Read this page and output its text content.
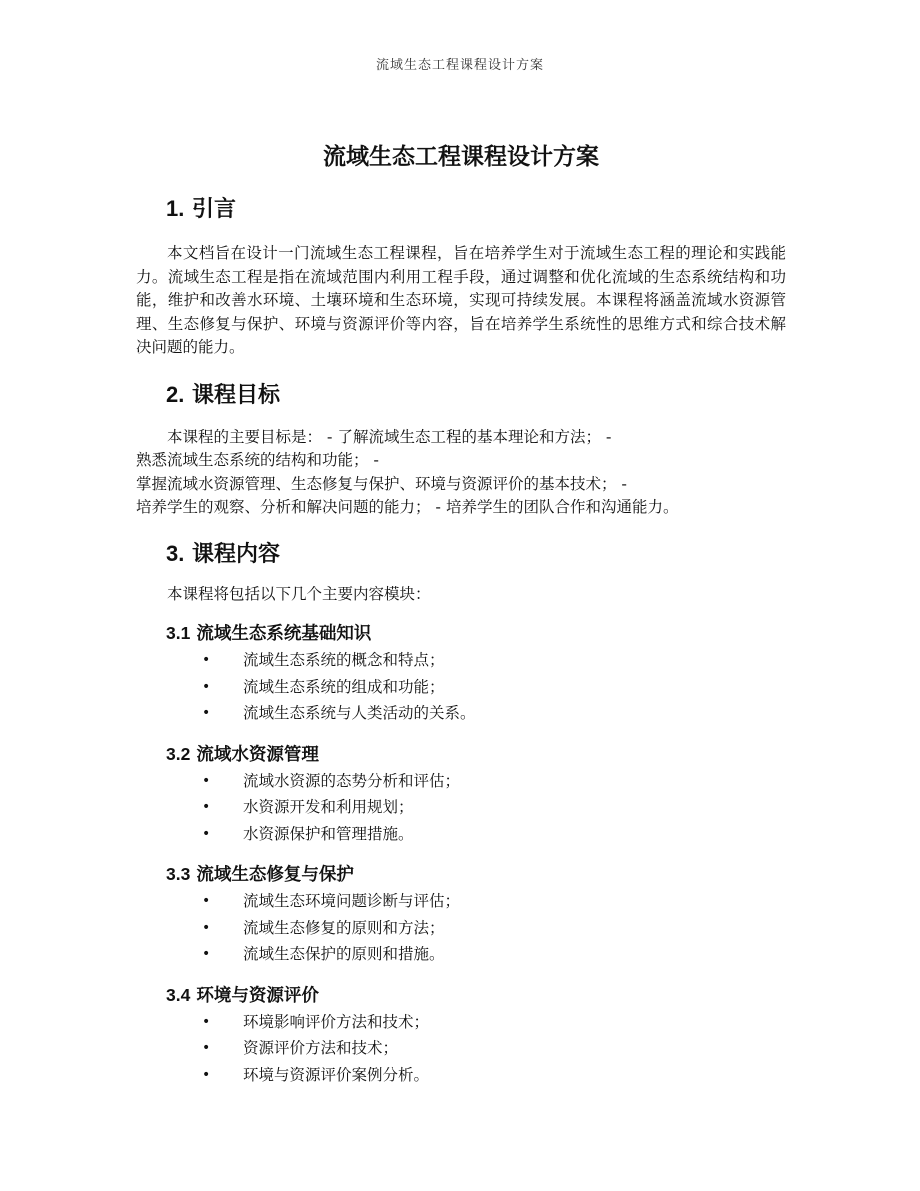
流域生态工程课程设计方案
流域生态工程课程设计方案
1. 引言

本文档旨在设计一门流域生态工程课程，旨在培养学生对于流域生态工程的理论和实践能力。流域生态工程是指在流域范围内利用工程手段，通过调整和优化流域的生态系统结构和功能，维护和改善水环境、土壤环境和生态环境，实现可持续发展。本课程将涵盖流域水资源管理、生态修复与保护、环境与资源评价等内容，旨在培养学生系统性的思维方式和综合技术解决问题的能力。

2. 课程目标

本课程的主要目标是： - 了解流域生态工程的基本理论和方法； -

熟悉流域生态系统的结构和功能； -

掌握流域水资源管理、生态修复与保护、环境与资源评价的基本技术； -

培养学生的观察、分析和解决问题的能力； - 培养学生的团队合作和沟通能力。

3. 课程内容

本课程将包括以下几个主要内容模块：

3.1 流域生态系统基础知识
• 流域生态系统的概念和特点；
• 流域生态系统的组成和功能；
• 流域生态系统与人类活动的关系。
3.2 流域水资源管理
• 流域水资源的态势分析和评估；
• 水资源开发和利用规划；
• 水资源保护和管理措施。
3.3 流域生态修复与保护
• 流域生态环境问题诊断与评估；
• 流域生态修复的原则和方法；
• 流域生态保护的原则和措施。
3.4 环境与资源评价
• 环境影响评价方法和技术；
• 资源评价方法和技术；
• 环境与资源评价案例分析。
